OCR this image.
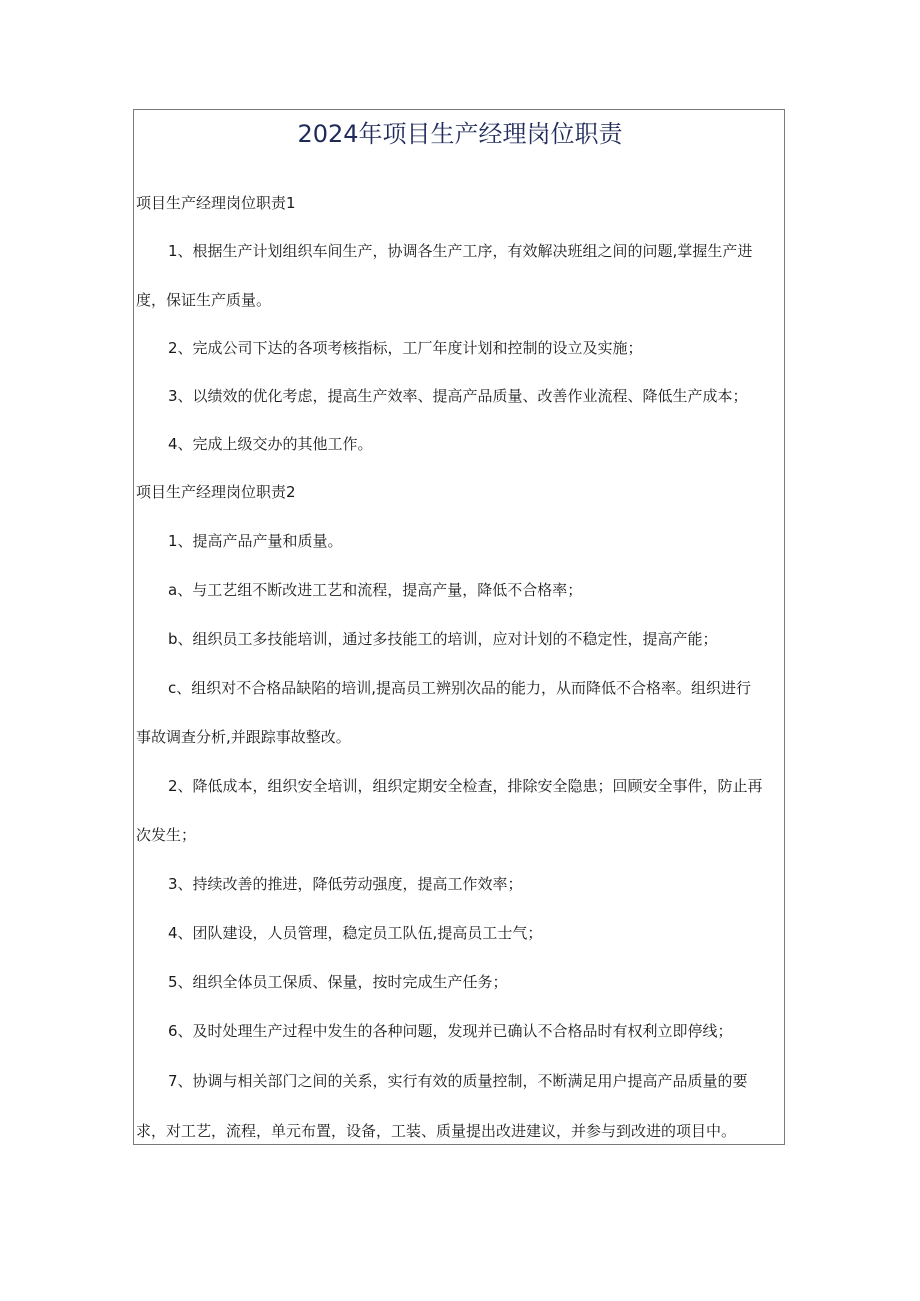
2024年项目生产经理岗位职责
项目生产经理岗位职责1
1、根据生产计划组织车间生产，协调各生产工序，有效解决班组之间的问题,掌握生产进
度，保证生产质量。
2、完成公司下达的各项考核指标，工厂年度计划和控制的设立及实施；
3、以绩效的优化考虑，提高生产效率、提高产品质量、改善作业流程、降低生产成本；
4、完成上级交办的其他工作。
项目生产经理岗位职责2
1、提高产品产量和质量。
a、与工艺组不断改进工艺和流程，提高产量，降低不合格率；
b、组织员工多技能培训，通过多技能工的培训，应对计划的不稳定性，提高产能；
c、组织对不合格品缺陷的培训,提高员工辨别次品的能力，从而降低不合格率。组织进行
事故调查分析,并跟踪事故整改。
2、降低成本，组织安全培训，组织定期安全检查，排除安全隐患；回顾安全事件，防止再
次发生；
3、持续改善的推进，降低劳动强度，提高工作效率；
4、团队建设，人员管理，稳定员工队伍,提高员工士气；
5、组织全体员工保质、保量，按时完成生产任务；
6、及时处理生产过程中发生的各种问题，发现并已确认不合格品时有权利立即停线；
7、协调与相关部门之间的关系，实行有效的质量控制，不断满足用户提高产品质量的要
求，对工艺，流程，单元布置，设备，工装、质量提出改进建议，并参与到改进的项目中。
